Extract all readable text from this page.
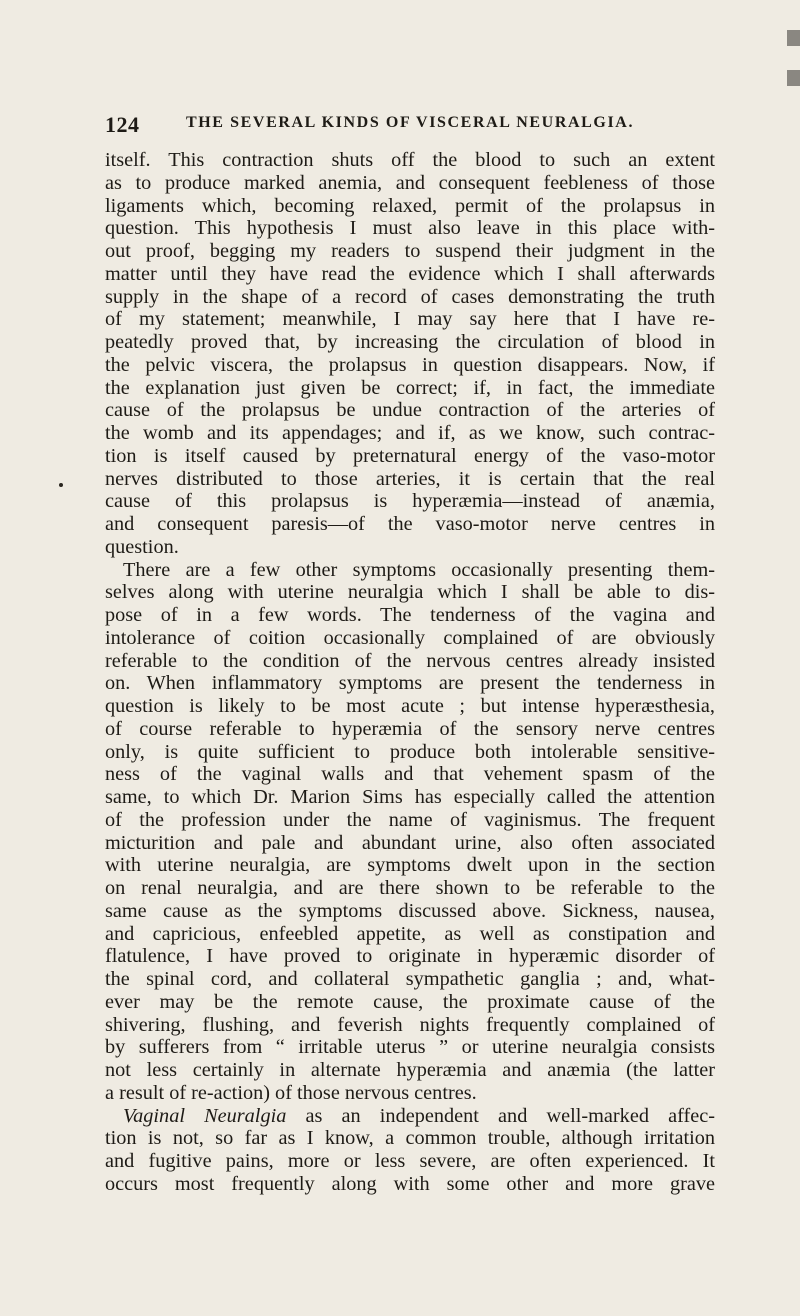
124	THE SEVERAL KINDS OF VISCERAL NEURALGIA.
itself. This contraction shuts off the blood to such an extent
as to produce marked anemia, and consequent feebleness of those
ligaments which, becoming relaxed, permit of the prolapsus in
question. This hypothesis I must also leave in this place with-
out proof, begging my readers to suspend their judgment in the
matter until they have read the evidence which I shall afterwards
supply in the shape of a record of cases demonstrating the truth
of my statement; meanwhile, I may say here that I have re-
peatedly proved that, by increasing the circulation of blood in
the pelvic viscera, the prolapsus in question disappears. Now, if
the explanation just given be correct; if, in fact, the immediate
cause of the prolapsus be undue contraction of the arteries of
the womb and its appendages; and if, as we know, such contrac-
tion is itself caused by preternatural energy of the vaso-motor
nerves distributed to those arteries, it is certain that the real
cause of this prolapsus is hyperæmia—instead of anæmia,
and consequent paresis—of the vaso-motor nerve centres in
question.
There are a few other symptoms occasionally presenting them-
selves along with uterine neuralgia which I shall be able to dis-
pose of in a few words. The tenderness of the vagina and
intolerance of coition occasionally complained of are obviously
referable to the condition of the nervous centres already insisted
on. When inflammatory symptoms are present the tenderness in
question is likely to be most acute ; but intense hyperæsthesia,
of course referable to hyperæmia of the sensory nerve centres
only, is quite sufficient to produce both intolerable sensitive-
ness of the vaginal walls and that vehement spasm of the
same, to which Dr. Marion Sims has especially called the attention
of the profession under the name of vaginismus. The frequent
micturition and pale and abundant urine, also often associated
with uterine neuralgia, are symptoms dwelt upon in the section
on renal neuralgia, and are there shown to be referable to the
same cause as the symptoms discussed above. Sickness, nausea,
and capricious, enfeebled appetite, as well as constipation and
flatulence, I have proved to originate in hyperæmic disorder of
the spinal cord, and collateral sympathetic ganglia ; and, what-
ever may be the remote cause, the proximate cause of the
shivering, flushing, and feverish nights frequently complained of
by sufferers from “ irritable uterus ” or uterine neuralgia consists
not less certainly in alternate hyperæmia and anæmia (the latter
a result of re-action) of those nervous centres.
Vaginal Neuralgia as an independent and well-marked affec-
tion is not, so far as I know, a common trouble, although irritation
and fugitive pains, more or less severe, are often experienced. It
occurs most frequently along with some other and more grave
